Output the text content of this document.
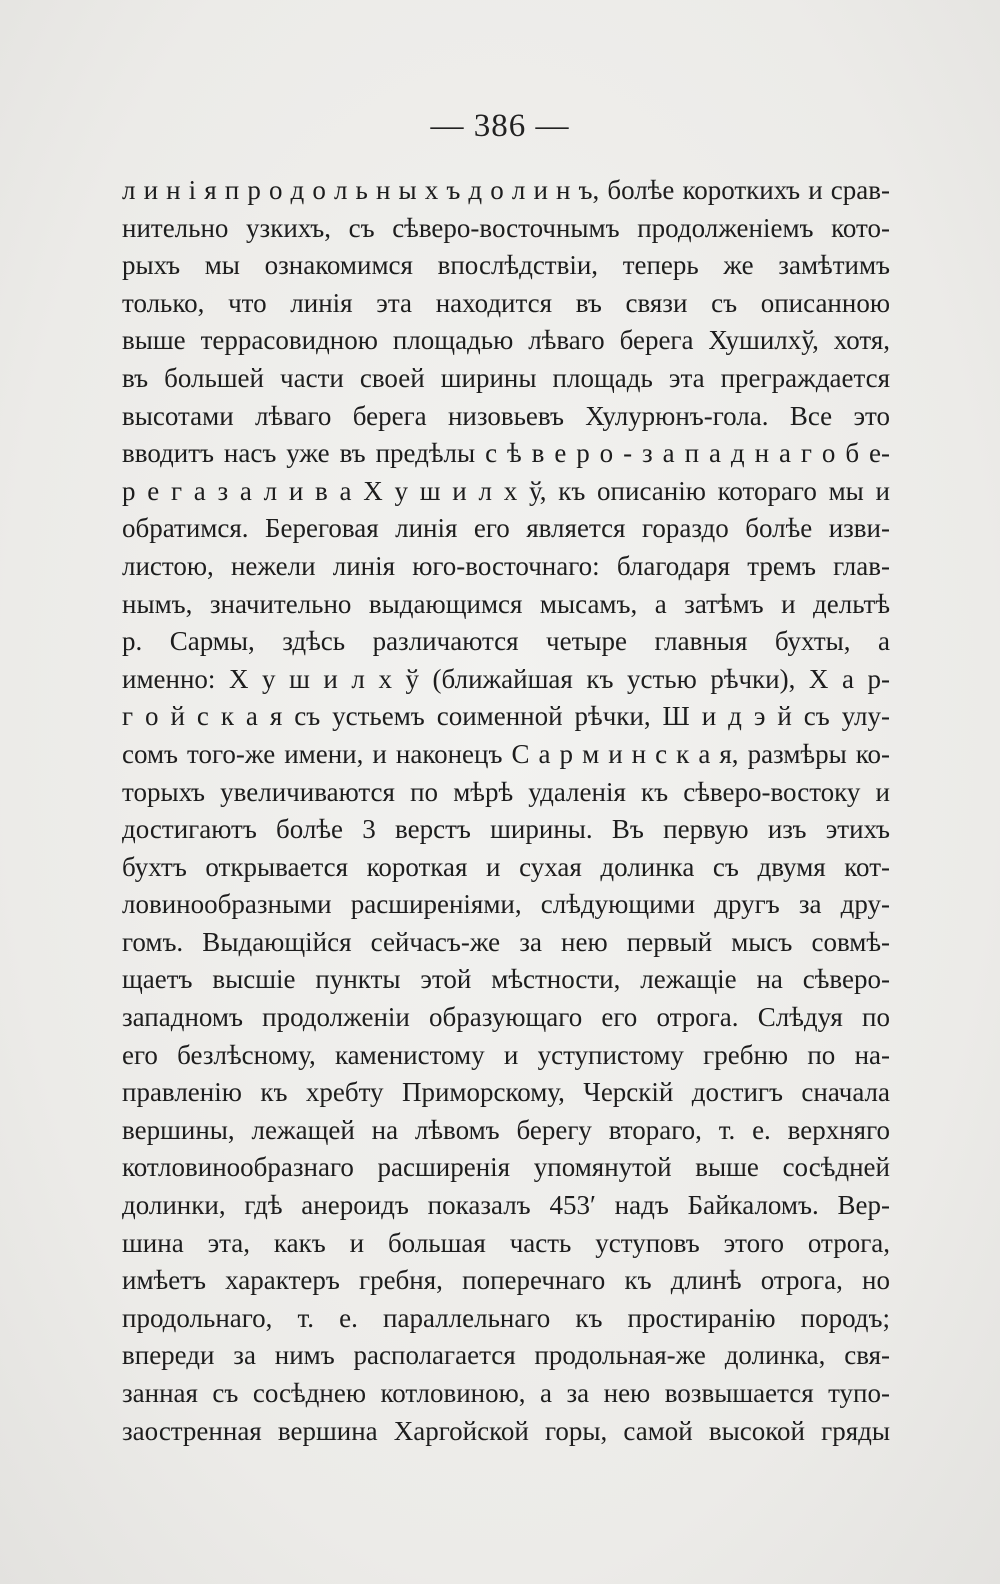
— 386 —
л и н і я п р о д о л ь н ы х ъ д о л и н ъ, болѣе короткихъ и срав-
нительно узкихъ, съ сѣверо-восточнымъ продолженіемъ кото-
рыхъ мы ознакомимся впослѣдствіи, теперь же замѣтимъ
только, что линія эта находится въ связи съ описанною
выше террасовидною площадью лѣваго берега Хушилхў, хотя,
въ большей части своей ширины площадь эта преграждается
высотами лѣваго берега низовьевъ Хулурюнъ-гола. Все это
вводитъ насъ уже въ предѣлы с ѣ в е р о - з а п а д н а г о б е-
р е г а з а л и в а Х у ш и л х ў, къ описанію котораго мы и
обратимся. Береговая линія его является гораздо болѣе изви-
листою, нежели линія юго-восточнаго: благодаря тремъ глав-
нымъ, значительно выдающимся мысамъ, а затѣмъ и дельтѣ
р. Сармы, здѣсь различаются четыре главныя бухты, а
именно: Х у ш и л х ў (ближайшая къ устью рѣчки), Х а р-
г о й с к а я съ устьемъ соименной рѣчки, Ш и д э й съ улу-
сомъ того-же имени, и наконецъ С а р м и н с к а я, размѣры ко-
торыхъ увеличиваются по мѣрѣ удаленія къ сѣверо-востоку и
достигаютъ болѣе 3 верстъ ширины. Въ первую изъ этихъ
бухтъ открывается короткая и сухая долинка съ двумя кот-
ловинообразными расширеніями, слѣдующими другъ за дру-
гомъ. Выдающійся сейчасъ-же за нею первый мысъ совмѣ-
щаетъ высшіе пункты этой мѣстности, лежащіе на сѣверо-
западномъ продолженіи образующаго его отрога. Слѣдуя по
его безлѣсному, каменистому и уступистому гребню по на-
правленію къ хребту Приморскому, Черскій достигъ сначала
вершины, лежащей на лѣвомъ берегу втораго, т. е. верхняго
котловинообразнаго расширенія упомянутой выше сосѣдней
долинки, гдѣ анероидъ показалъ 453′ надъ Байкаломъ. Вер-
шина эта, какъ и большая часть уступовъ этого отрога,
имѣетъ характеръ гребня, поперечнаго къ длинѣ отрога, но
продольнаго, т. е. параллельнаго къ простиранію породъ;
впереди за нимъ располагается продольная-же долинка, свя-
занная съ сосѣднею котловиною, а за нею возвышается тупо-
заостренная вершина Харгойской горы, самой высокой гряды
